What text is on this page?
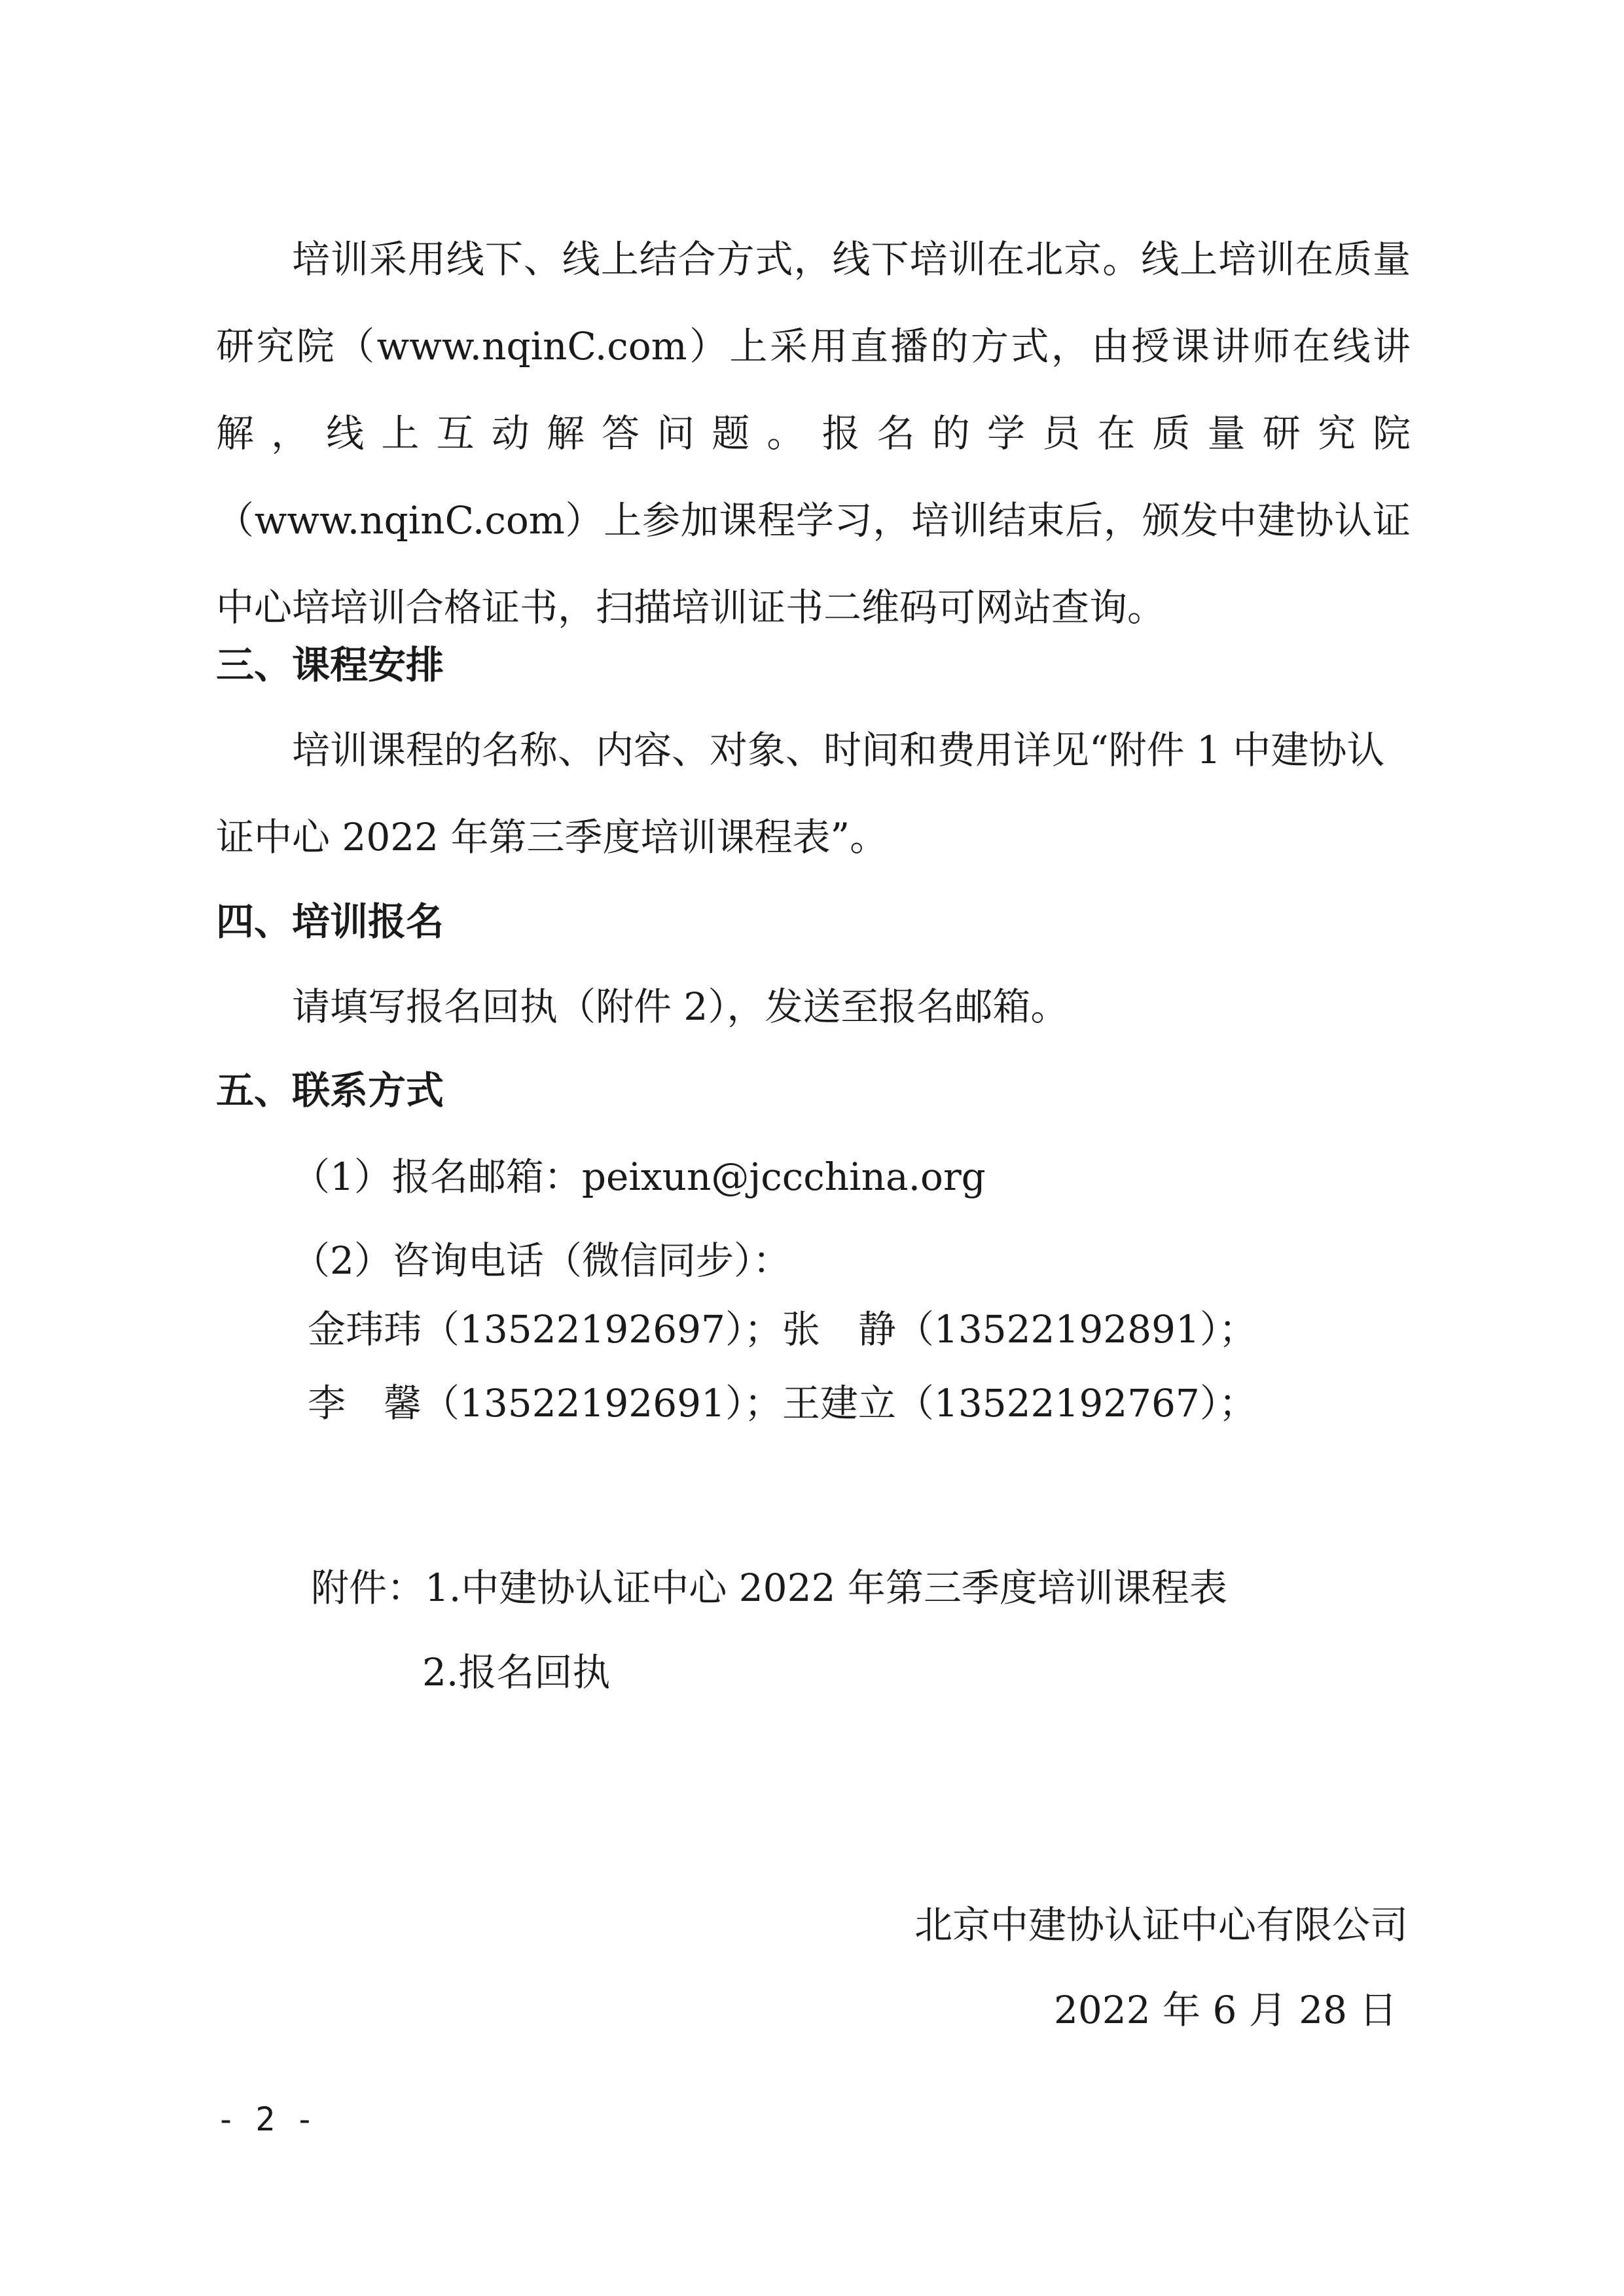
培训采用线下、线上结合方式，线下培训在北京。线上培训在质量研究院（www.nqinC.com）上采用直播的方式，由授课讲师在线讲解，线上互动解答问题。报名的学员在质量研究院（www.nqinC.com）上参加课程学习，培训结束后，颁发中建协认证中心培培训合格证书，扫描培训证书二维码可网站查询。

三、课程安排
培训课程的名称、内容、对象、时间和费用详见“附件 1 中建协认
证中心 2022 年第三季度培训课程表”。
四、培训报名
请填写报名回执（附件 2），发送至报名邮箱。
五、联系方式
（1）报名邮箱：peixun@jccchina.org
（2）咨询电话（微信同步）：
金玮玮（13522192697）；张　静（13522192891）；
李　馨（13522192691）；王建立（13522192767）；
附件：1.中建协认证中心 2022 年第三季度培训课程表
2.报名回执
北京中建协认证中心有限公司
2022 年 6 月 28 日
- 2 -
